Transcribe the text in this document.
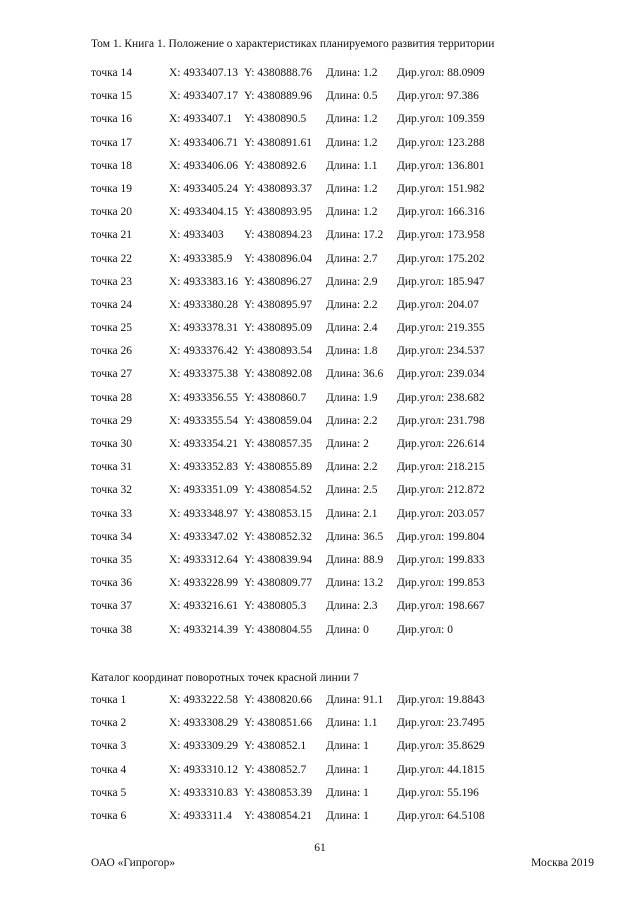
Том 1. Книга 1. Положение о характеристиках планируемого развития территории
точка 14	X: 4933407.13 Y: 4380888.76 Длина: 1.2 Дир.угол: 88.0909
точка 15	X: 4933407.17 Y: 4380889.96 Длина: 0.5 Дир.угол: 97.386
точка 16	X: 4933407.1 Y: 4380890.5 Длина: 1.2 Дир.угол: 109.359
точка 17	X: 4933406.71 Y: 4380891.61 Длина: 1.2 Дир.угол: 123.288
точка 18	X: 4933406.06 Y: 4380892.6 Длина: 1.1 Дир.угол: 136.801
точка 19	X: 4933405.24 Y: 4380893.37 Длина: 1.2 Дир.угол: 151.982
точка 20	X: 4933404.15 Y: 4380893.95 Длина: 1.2 Дир.угол: 166.316
точка 21	X: 4933403 Y: 4380894.23 Длина: 17.2 Дир.угол: 173.958
точка 22	X: 4933385.9 Y: 4380896.04 Длина: 2.7 Дир.угол: 175.202
точка 23	X: 4933383.16 Y: 4380896.27 Длина: 2.9 Дир.угол: 185.947
точка 24	X: 4933380.28 Y: 4380895.97 Длина: 2.2 Дир.угол: 204.07
точка 25	X: 4933378.31 Y: 4380895.09 Длина: 2.4 Дир.угол: 219.355
точка 26	X: 4933376.42 Y: 4380893.54 Длина: 1.8 Дир.угол: 234.537
точка 27	X: 4933375.38 Y: 4380892.08 Длина: 36.6 Дир.угол: 239.034
точка 28	X: 4933356.55 Y: 4380860.7 Длина: 1.9 Дир.угол: 238.682
точка 29	X: 4933355.54 Y: 4380859.04 Длина: 2.2 Дир.угол: 231.798
точка 30	X: 4933354.21 Y: 4380857.35 Длина: 2 Дир.угол: 226.614
точка 31	X: 4933352.83 Y: 4380855.89 Длина: 2.2 Дир.угол: 218.215
точка 32	X: 4933351.09 Y: 4380854.52 Длина: 2.5 Дир.угол: 212.872
точка 33	X: 4933348.97 Y: 4380853.15 Длина: 2.1 Дир.угол: 203.057
точка 34	X: 4933347.02 Y: 4380852.32 Длина: 36.5 Дир.угол: 199.804
точка 35	X: 4933312.64 Y: 4380839.94 Длина: 88.9 Дир.угол: 199.833
точка 36	X: 4933228.99 Y: 4380809.77 Длина: 13.2 Дир.угол: 199.853
точка 37	X: 4933216.61 Y: 4380805.3 Длина: 2.3 Дир.угол: 198.667
точка 38	X: 4933214.39 Y: 4380804.55 Длина: 0 Дир.угол: 0
Каталог координат поворотных точек красной линии 7
точка 1	X: 4933222.58 Y: 4380820.66 Длина: 91.1 Дир.угол: 19.8843
точка 2	X: 4933308.29 Y: 4380851.66 Длина: 1.1 Дир.угол: 23.7495
точка 3	X: 4933309.29 Y: 4380852.1 Длина: 1 Дир.угол: 35.8629
точка 4	X: 4933310.12 Y: 4380852.7 Длина: 1 Дир.угол: 44.1815
точка 5	X: 4933310.83 Y: 4380853.39 Длина: 1 Дир.угол: 55.196
точка 6	X: 4933311.4 Y: 4380854.21 Длина: 1 Дир.угол: 64.5108
61
ОАО «Гипрогор»	Москва 2019
